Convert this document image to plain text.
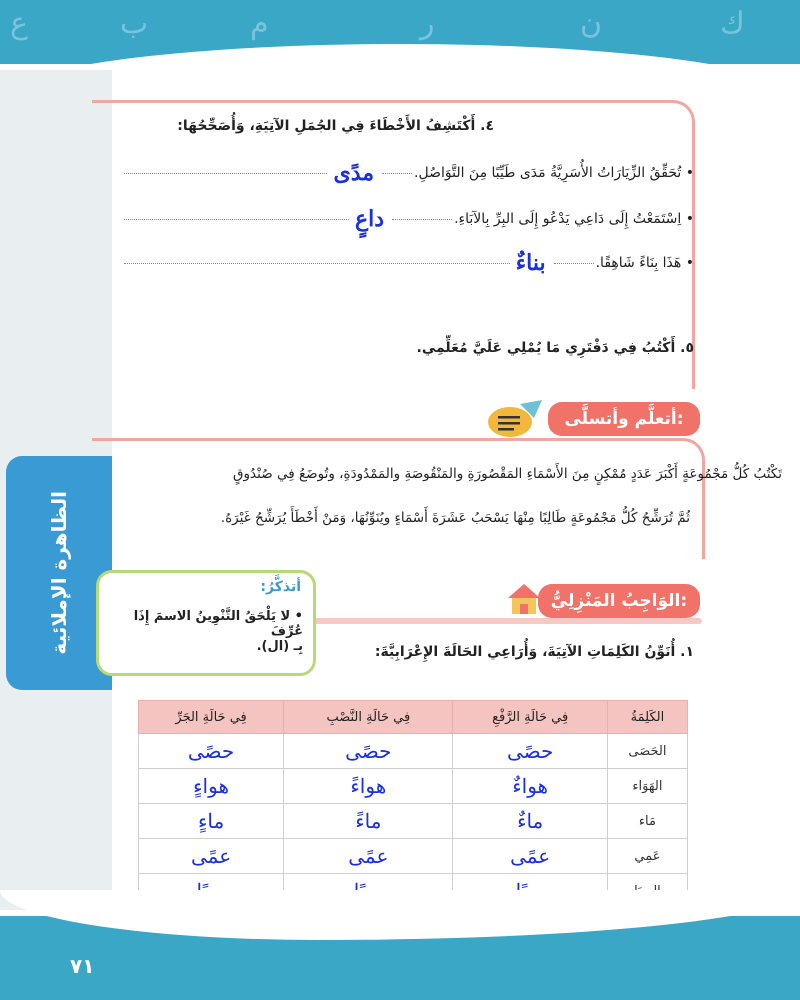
ع	ب	م	ر	ن	ك
الظاهرة الإملائية
٤. أَكْتَشِفُ الأَخْطَاءَ فِي الجُمَلِ الآتِيَةِ، وَأُصَحِّحُهَا:
• تُحَقِّقُ الزِّيَارَاتُ الأُسَرِيَّةُ مَدَى طَيِّبًا مِنَ التَّوَاصُلِ.
مدًى
• اِسْتَمَعْتُ إِلَى دَاعِي يَدْعُو إِلَى البِرِّ بِالآبَاءِ.
داعٍ
• هَذَا بِنَاءً شَاهِقًا.
بناءٌ
٥. أَكْتُبُ فِي دَفْتَرِي مَا يُمْلِي عَلَيَّ مُعَلِّمِي.
أتعلَّم وأتسلَّى:
تَكْتُبُ كُلُّ مَجْمُوعَةٍ أَكْبَرَ عَدَدٍ مُمْكِنٍ مِنَ الأَسْمَاءِ المَقْصُورَةِ والمَنْقُوصَةِ والمَمْدُودَةِ، وتُوضَعُ فِي صُنْدُوقٍ
ثُمَّ تُرَشِّحُ كُلُّ مَجْمُوعَةٍ طَالِبًا مِنْهَا يَسْحَبُ عَشَرَةَ أَسْمَاءٍ ويُنَوِّنُهَا، وَمَنْ أَخْطَأَ يُرَشِّحُ غَيْرَهُ.
الوَاجِبُ المَنْزِلِيُّ:
١. أُنَوِّنُ الكَلِمَاتِ الآتِيَةَ، وَأُرَاعِي الحَالَةَ الإِعْرَابِيَّةَ:
أتذكَّرُ:
• لا يَلْحَقُ التَّنْوِينُ الاسمَ إِذَا عُرِّفَ
بِـ (ال).
الكَلِمَةُ	فِي حَالَةِ الرَّفْعِ	فِي حَالَةِ النَّصْبِ	فِي حَالَةِ الجَرِّ
الحَصَى	حصًى	حصًى	حصًى
الهَوَاء	هواءٌ	هواءً	هواءٍ
مَاء	ماءٌ	ماءً	ماءٍ
عَمِي	عمًى	عمًى	عمًى

٧١
